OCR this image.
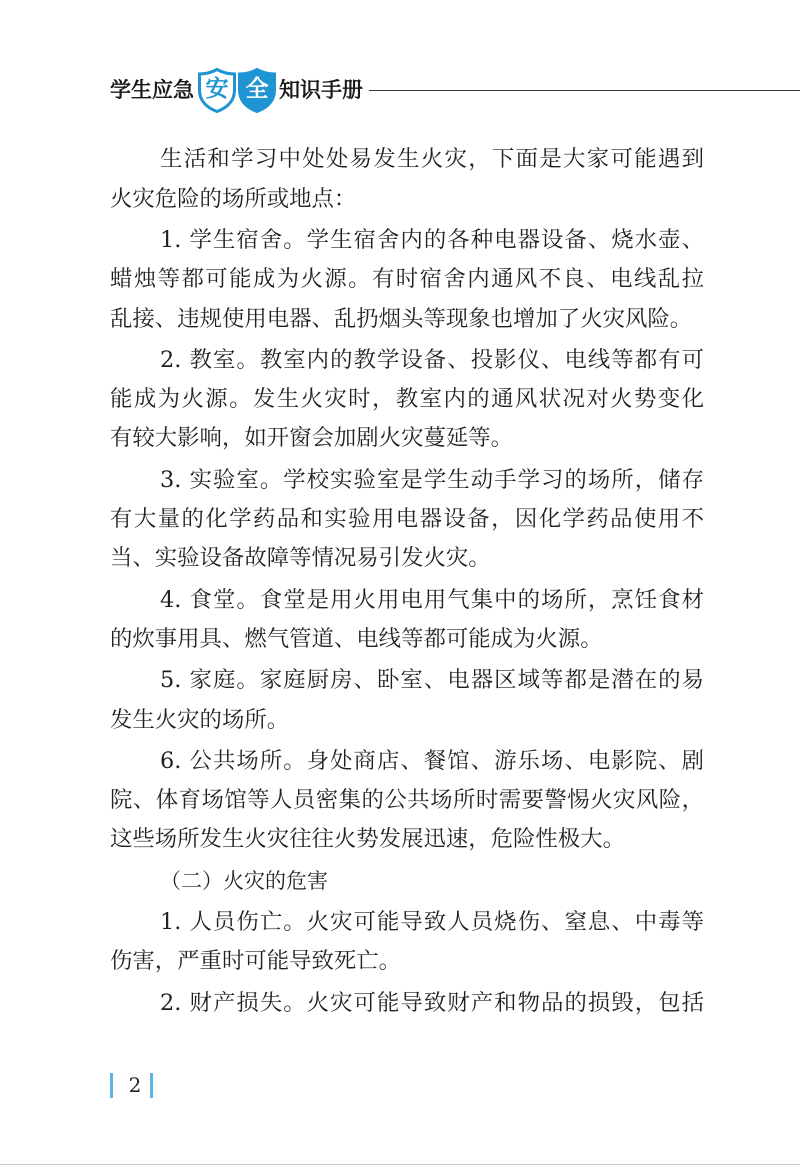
学生应急 安 全 知识手册
生活和学习中处处易发生火灾，下面是大家可能遇到
火灾危险的场所或地点：
1. 学生宿舍。学生宿舍内的各种电器设备、烧水壶、
蜡烛等都可能成为火源。有时宿舍内通风不良、电线乱拉
乱接、违规使用电器、乱扔烟头等现象也增加了火灾风险。
2. 教室。教室内的教学设备、投影仪、电线等都有可
能成为火源。发生火灾时，教室内的通风状况对火势变化
有较大影响，如开窗会加剧火灾蔓延等。
3. 实验室。学校实验室是学生动手学习的场所，储存
有大量的化学药品和实验用电器设备，因化学药品使用不
当、实验设备故障等情况易引发火灾。
4. 食堂。食堂是用火用电用气集中的场所，烹饪食材
的炊事用具、燃气管道、电线等都可能成为火源。
5. 家庭。家庭厨房、卧室、电器区域等都是潜在的易
发生火灾的场所。
6. 公共场所。身处商店、餐馆、游乐场、电影院、剧
院、体育场馆等人员密集的公共场所时需要警惕火灾风险，
这些场所发生火灾往往火势发展迅速，危险性极大。
（二）火灾的危害
1. 人员伤亡。火灾可能导致人员烧伤、窒息、中毒等
伤害，严重时可能导致死亡。
2. 财产损失。火灾可能导致财产和物品的损毁，包括
2
